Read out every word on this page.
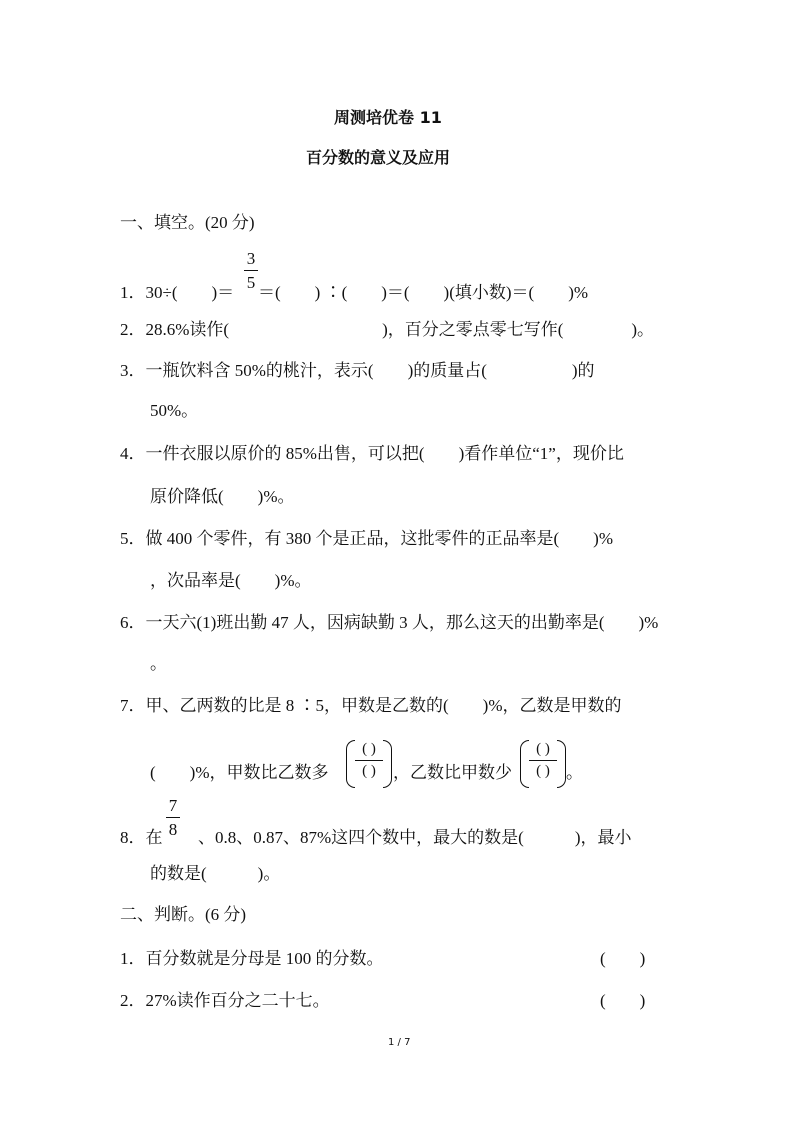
周测培优卷 11
百分数的意义及应用
一、填空。(20 分)
1．30÷(　　)＝
3
5
＝(　　) ∶(　　)＝(　　)(填小数)＝(　　)%
2．28.6%读作(　　　　　　　　　)，百分之零点零七写作(　　　　)。
3．一瓶饮料含 50%的桃汁，表示(　　)的质量占(　　　　　)的
50%。
4．一件衣服以原价的 85%出售，可以把(　　)看作单位“1”，现价比
原价降低(　　)%。
5．做 400 个零件，有 380 个是正品，这批零件的正品率是(　　)%
，次品率是(　　)%。
6．一天六(1)班出勤 47 人，因病缺勤 3 人，那么这天的出勤率是(　　)%
。
7．甲、乙两数的比是 8 ∶5，甲数是乙数的(　　)%，乙数是甲数的
(　　)%，甲数比乙数多
( )
( )	，乙数比甲数少
( )
( ) 。
8．在
7
8 、0.8、0.87、87%这四个数中，最大的数是(　　　)，最小
的数是(　　　)。
二、判断。(6 分)
1．百分数就是分母是 100 的分数。	(　　)
2．27%读作百分之二十七。	(　　)
1 / 7
